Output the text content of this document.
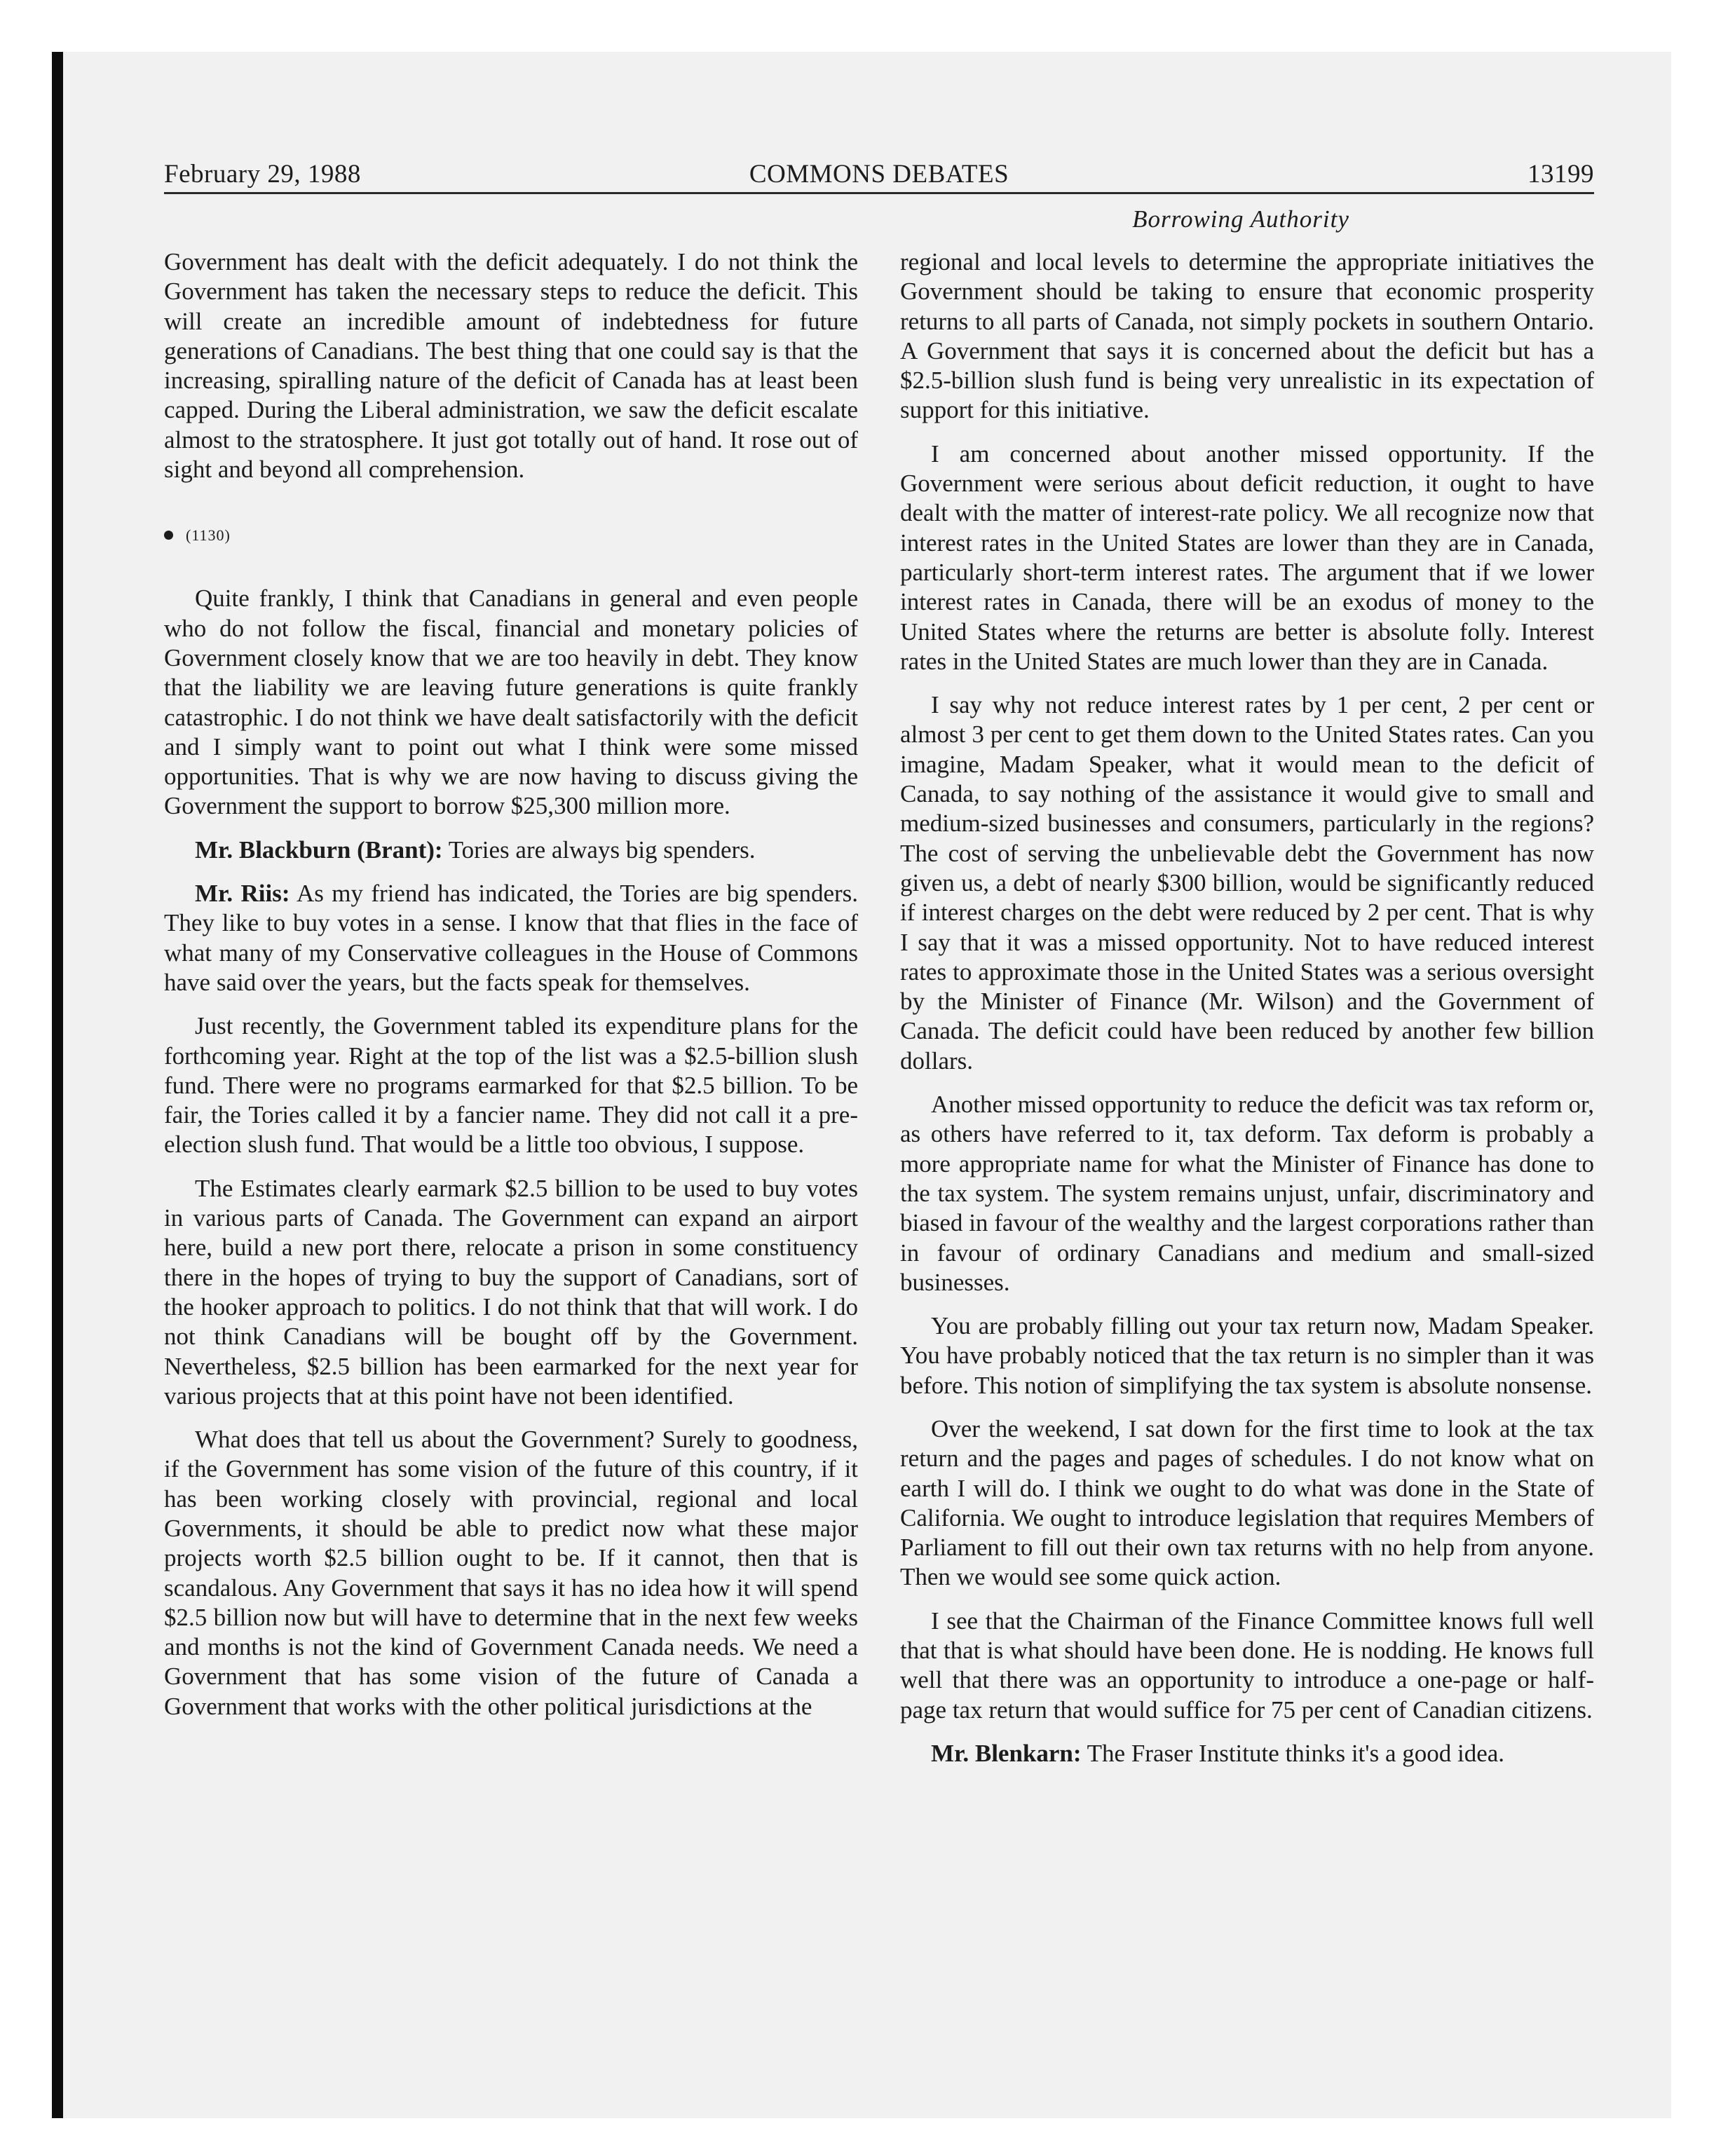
February 29, 1988	COMMONS DEBATES	13199
Borrowing Authority

Government has dealt with the deficit adequately. I do not think the Government has taken the necessary steps to reduce the deficit. This will create an incredible amount of indebtedness for future generations of Canadians. The best thing that one could say is that the increasing, spiralling nature of the deficit of Canada has at least been capped. During the Liberal administration, we saw the deficit escalate almost to the stratosphere. It just got totally out of hand. It rose out of sight and beyond all comprehension.

(1130)

Quite frankly, I think that Canadians in general and even people who do not follow the fiscal, financial and monetary policies of Government closely know that we are too heavily in debt. They know that the liability we are leaving future generations is quite frankly catastrophic. I do not think we have dealt satisfactorily with the deficit and I simply want to point out what I think were some missed opportunities. That is why we are now having to discuss giving the Government the support to borrow $25,300 million more.

Mr. Blackburn (Brant): Tories are always big spenders.

Mr. Riis: As my friend has indicated, the Tories are big spenders. They like to buy votes in a sense. I know that that flies in the face of what many of my Conservative colleagues in the House of Commons have said over the years, but the facts speak for themselves.

Just recently, the Government tabled its expenditure plans for the forthcoming year. Right at the top of the list was a $2.5-billion slush fund. There were no programs earmarked for that $2.5 billion. To be fair, the Tories called it by a fancier name. They did not call it a pre-election slush fund. That would be a little too obvious, I suppose.

The Estimates clearly earmark $2.5 billion to be used to buy votes in various parts of Canada. The Government can expand an airport here, build a new port there, relocate a prison in some constituency there in the hopes of trying to buy the support of Canadians, sort of the hooker approach to politics. I do not think that that will work. I do not think Canadians will be bought off by the Government. Nevertheless, $2.5 billion has been earmarked for the next year for various projects that at this point have not been identified.

What does that tell us about the Government? Surely to goodness, if the Government has some vision of the future of this country, if it has been working closely with provincial, regional and local Governments, it should be able to predict now what these major projects worth $2.5 billion ought to be. If it cannot, then that is scandalous. Any Government that says it has no idea how it will spend $2.5 billion now but will have to determine that in the next few weeks and months is not the kind of Government Canada needs. We need a Government that has some vision of the future of Canada a Government that works with the other political jurisdictions at the

regional and local levels to determine the appropriate initiatives the Government should be taking to ensure that economic prosperity returns to all parts of Canada, not simply pockets in southern Ontario. A Government that says it is concerned about the deficit but has a $2.5-billion slush fund is being very unrealistic in its expectation of support for this initiative.

I am concerned about another missed opportunity. If the Government were serious about deficit reduction, it ought to have dealt with the matter of interest-rate policy. We all recognize now that interest rates in the United States are lower than they are in Canada, particularly short-term interest rates. The argument that if we lower interest rates in Canada, there will be an exodus of money to the United States where the returns are better is absolute folly. Interest rates in the United States are much lower than they are in Canada.

I say why not reduce interest rates by 1 per cent, 2 per cent or almost 3 per cent to get them down to the United States rates. Can you imagine, Madam Speaker, what it would mean to the deficit of Canada, to say nothing of the assistance it would give to small and medium-sized businesses and consumers, particularly in the regions? The cost of serving the unbelievable debt the Government has now given us, a debt of nearly $300 billion, would be significantly reduced if interest charges on the debt were reduced by 2 per cent. That is why I say that it was a missed opportunity. Not to have reduced interest rates to approximate those in the United States was a serious oversight by the Minister of Finance (Mr. Wilson) and the Government of Canada. The deficit could have been reduced by another few billion dollars.

Another missed opportunity to reduce the deficit was tax reform or, as others have referred to it, tax deform. Tax deform is probably a more appropriate name for what the Minister of Finance has done to the tax system. The system remains unjust, unfair, discriminatory and biased in favour of the wealthy and the largest corporations rather than in favour of ordinary Canadians and medium and small-sized businesses.

You are probably filling out your tax return now, Madam Speaker. You have probably noticed that the tax return is no simpler than it was before. This notion of simplifying the tax system is absolute nonsense.

Over the weekend, I sat down for the first time to look at the tax return and the pages and pages of schedules. I do not know what on earth I will do. I think we ought to do what was done in the State of California. We ought to introduce legislation that requires Members of Parliament to fill out their own tax returns with no help from anyone. Then we would see some quick action.

I see that the Chairman of the Finance Committee knows full well that that is what should have been done. He is nodding. He knows full well that there was an opportunity to introduce a one-page or half-page tax return that would suffice for 75 per cent of Canadian citizens.

Mr. Blenkarn: The Fraser Institute thinks it's a good idea.
